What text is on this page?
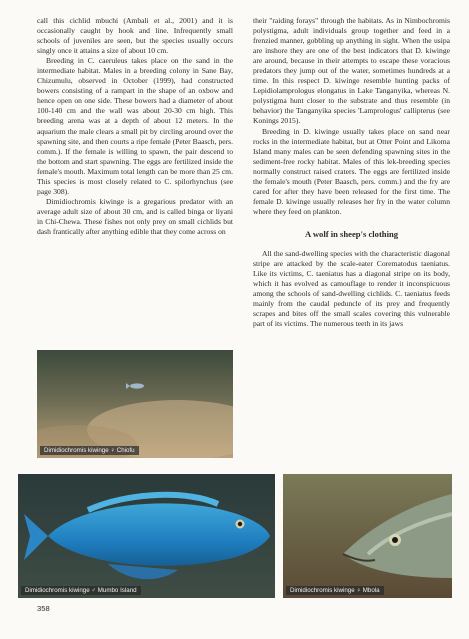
call this cichlid mbuchi (Ambali et al., 2001) and it is occasionally caught by hook and line. Infrequently small schools of juveniles are seen, but the species usually occurs singly once it attains a size of about 10 cm.

Breeding in C. caeruleus takes place on the sand in the intermediate habitat. Males in a breeding colony in Sane Bay, Chizumulu, observed in October (1999), had constructed bowers consisting of a rampart in the shape of an oxbow and hence open on one side. These bowers had a diameter of about 100-140 cm and the wall was about 20-30 cm high. This breeding arena was at a depth of about 12 meters. In the aquarium the male clears a small pit by circling around over the spawning site, and then courts a ripe female (Peter Baasch, pers. comm.). If the female is willing to spawn, the pair descend to the bottom and start spawning. The eggs are fertilized inside the female's mouth. Maximum total length can be more than 25 cm. This species is most closely related to C. spilorhynchus (see page 308).

Dimidiochromis kiwinge is a gregarious predator with an average adult size of about 30 cm, and is called binga or liyani in Chi-Chewa. These fishes not only prey on small cichlids but dash frantically after anything edible that they come across on

their "raiding forays" through the habitats. As in Nimbochromis polystigma, adult individuals group together and feed in a frenzied manner, gobbling up anything in sight. When the usipa are inshore they are one of the best indicators that D. kiwinge are around, because in their attempts to escape these voracious predators they jump out of the water, sometimes hundreds at a time. In this respect D. kiwinge resemble hunting packs of Lepidiolamprologus elongatus in Lake Tanganyika, whereas N. polystigma hunt closer to the substrate and thus resemble (in behavior) the Tanganyika species 'Lamprologus' callipterus (see Konings 2015).

Breeding in D. kiwinge usually takes place on sand near rocks in the intermediate habitat, but at Otter Point and Likoma Island many males can be seen defending spawning sites in the sediment-free rocky habitat. Males of this lek-breeding species normally construct raised craters. The eggs are fertilized inside the female's mouth (Peter Baasch, pers. comm.) and the fry are cared for after they have been released for the first time. The female D. kiwinge usually releases her fry in the water column where they feed on plankton.

A wolf in sheep's clothing

All the sand-dwelling species with the characteristic diagonal stripe are attacked by the scale-eater Corematodus taeniatus. Like its victims, C. taeniatus has a diagonal stripe on its body, which it has evolved as camouflage to render it inconspicuous among the schools of sand-dwelling cichlids. C. taeniatus feeds mainly from the caudal peduncle of its prey and frequently scrapes and bites off the small scales covering this vulnerable part of its victims. The numerous teeth in its jaws

Dimidiochromis kiwinge ♀ Chiofu
Dimidiochromis kiwinge ♂ Mumbo Island	Dimidiochromis kiwinge ♀ Mbola
358
